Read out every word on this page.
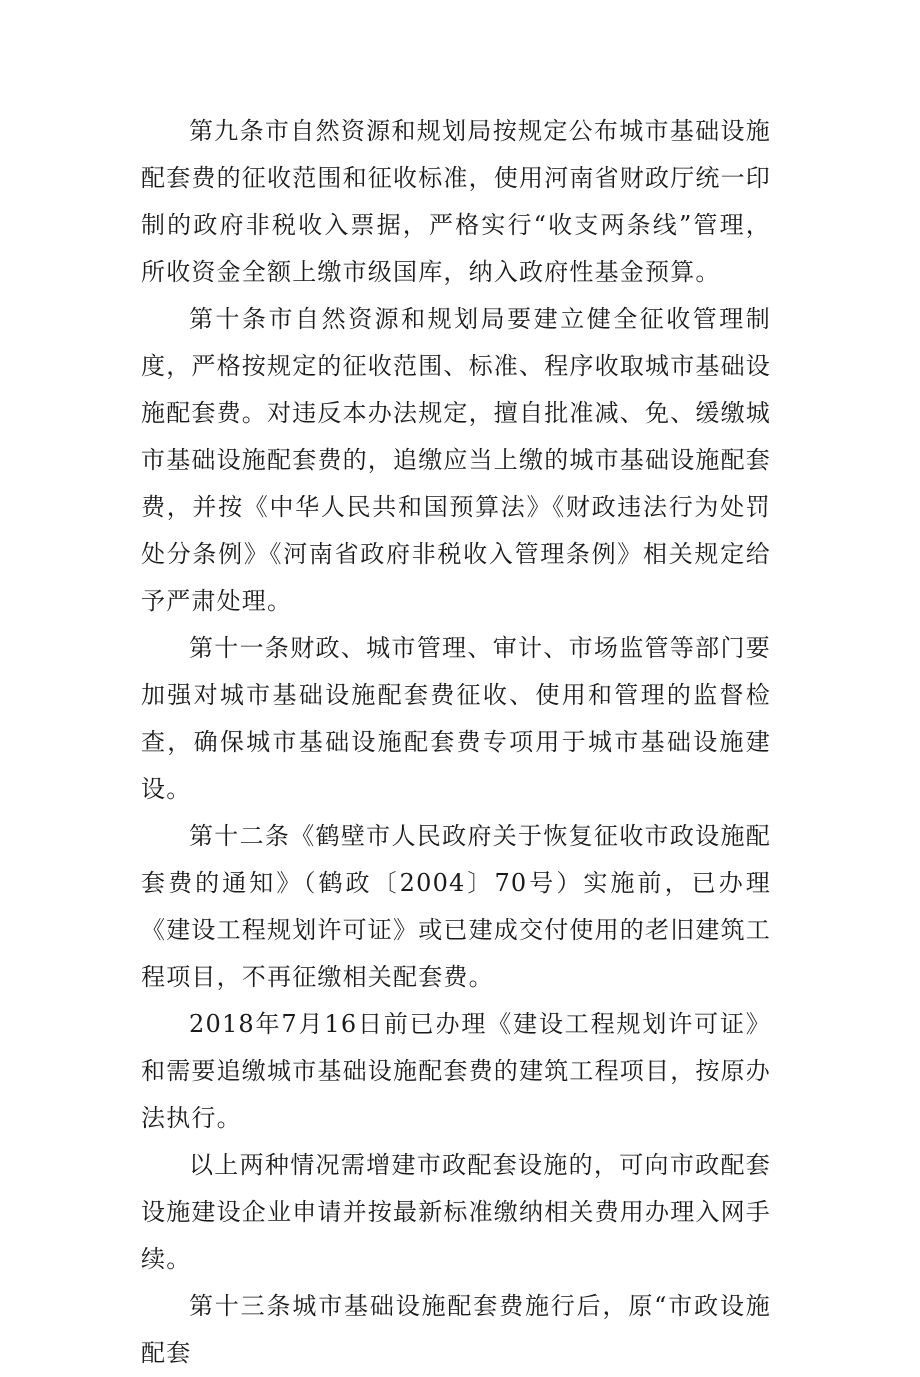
第九条市自然资源和规划局按规定公布城市基础设施配套费的征收范围和征收标准，使用河南省财政厅统一印制的政府非税收入票据，严格实行“收支两条线”管理，所收资金全额上缴市级国库，纳入政府性基金预算。

第十条市自然资源和规划局要建立健全征收管理制度，严格按规定的征收范围、标准、程序收取城市基础设施配套费。对违反本办法规定，擅自批准减、免、缓缴城市基础设施配套费的，追缴应当上缴的城市基础设施配套费，并按《中华人民共和国预算法》《财政违法行为处罚处分条例》《河南省政府非税收入管理条例》相关规定给予严肃处理。

第十一条财政、城市管理、审计、市场监管等部门要加强对城市基础设施配套费征收、使用和管理的监督检查，确保城市基础设施配套费专项用于城市基础设施建设。

第十二条《鹤壁市人民政府关于恢复征收市政设施配套费的通知》（鹤政〔2004〕70号）实施前，已办理《建设工程规划许可证》或已建成交付使用的老旧建筑工程项目，不再征缴相关配套费。

2018年7月16日前已办理《建设工程规划许可证》和需要追缴城市基础设施配套费的建筑工程项目，按原办法执行。

以上两种情况需增建市政配套设施的，可向市政配套设施建设企业申请并按最新标准缴纳相关费用办理入网手续。

第十三条城市基础设施配套费施行后，原“市政设施配套
